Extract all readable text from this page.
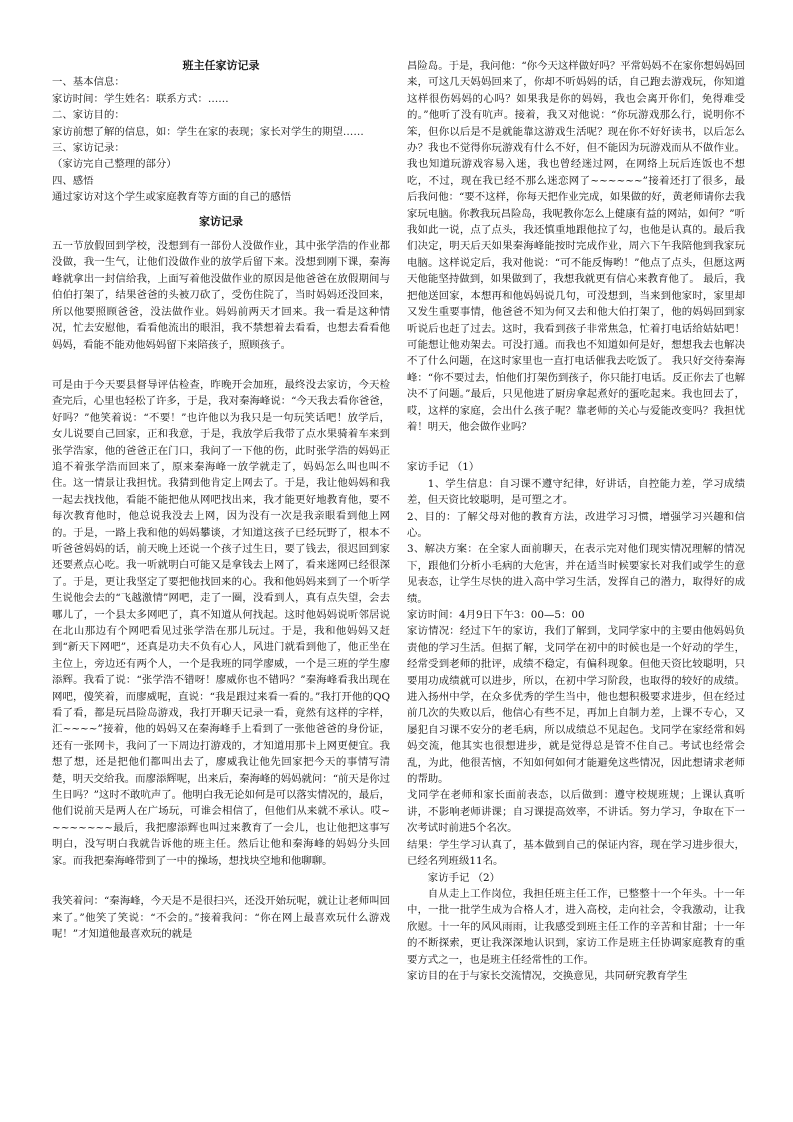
班主任家访记录

一、基本信息：

家访时间：学生姓名：联系方式：……

二、家访目的：

家访前想了解的信息，如：学生在家的表现；家长对学生的期望……

三、家访记录：

（家访完自己整理的部分）

四、感悟

通过家访对这个学生或家庭教育等方面的自己的感悟

家访记录

五一节放假回到学校，没想到有一部份人没做作业，其中张学浩的作业都没做，我一生气，让他们没做作业的放学后留下来。没想到刚下课，秦海峰就拿出一封信给我，上面写着他没做作业的原因是他爸爸在放假期间与伯伯打架了，结果爸爸的头被刀砍了，受伤住院了，当时妈妈还没回来，所以他要照顾爸爸，没法做作业。妈妈前两天才回来。我一看是这种情况，忙去安慰他，看看他流出的眼泪，我不禁想着去看看，也想去看看他妈妈，看能不能劝他妈妈留下来陪孩子，照顾孩子。

可是由于今天要县督导评估检查，昨晚开会加班，最终没去家访，今天检查完后，心里也轻松了许多，于是，我对秦海峰说：“今天我去看你爸爸，好吗？”他笑着说：“不要！”也许他以为我只是一句玩笑话吧！放学后，女儿说要自己回家，正和我意，于是，我放学后我带了点水果骑着车来到张学浩家，他的爸爸正在门口，我问了一下他的伤，此时张学浩的妈妈正追不着张学浩而回来了，原来秦海峰一放学就走了，妈妈怎么叫也叫不住。这一情景让我担忧。我猜到他肯定上网去了。于是，我让他妈妈和我一起去找找他，看能不能把他从网吧找出来，我才能更好地教育他，要不每次教育他时，他总说我没去上网，因为没有一次是我亲眼看到他上网的。于是，一路上我和他的妈妈攀谈，才知道这孩子已经玩野了，根本不听爸爸妈妈的话，前天晚上还说一个孩子过生日，要了钱去，很迟回到家还要煮点心吃。我一听就明白可能又是拿钱去上网了，看来迷网已经很深了。于是，更让我坚定了要把他找回来的心。我和他妈妈来到了一个听学生说他会去的“飞越激情”网吧，走了一圈，没看到人，真有点失望，会去哪儿了，一个县太多网吧了，真不知道从何找起。这时他妈妈说听邻居说在北山那边有个网吧看见过张学浩在那儿玩过。于是，我和他妈妈又赶到“新天下网吧”，还真是功夫不负有心人，风进门就看到他了，他正坐在主位上，旁边还有两个人，一个是我班的同学廖威，一个是三班的学生廖添辉。我看了说：“张学浩不错呀！廖威你也不错吗？”秦海峰看我出现在网吧，傻笑着，而廖威呢，直说：“我是跟过来看一看的。”我打开他的QQ看了看，都是玩昌险岛游戏，我打开聊天记录一看，竟然有这样的字样，汇~~~~”接着，他的妈妈又在秦海峰手上看到了一张他爸爸的身份证，还有一张网卡，我问了一下周边打游戏的，才知道用那卡上网更便宜。我想了想，还是把他们都叫出去了，廖威我让他先回家把今天的事情写清楚，明天交给我。而廖添辉呢，出来后，秦海峰的妈妈就问：“前天是你过生日吗？”这时不敢吭声了。他明白我无论如何是可以落实情况的，最后，他们说前天是两人在广场玩，可谁会相信了，但他们从来就不承认。哎~~~~~~~~最后，我把廖添辉也叫过来教育了一会儿，也让他把这事写明白，没写明白我就告诉他的班主任。然后让他和秦海峰的妈妈分头回家。而我把秦海峰带到了一中的操场，想找块空地和他聊聊。

我笑着问：“秦海峰，今天是不是很扫兴，还没开始玩呢，就让让老师叫回来了。”他笑了笑说：“不会的。”接着我问：“你在网上最喜欢玩什么游戏呢！”才知道他最喜欢玩的就是

昌险岛。于是，我问他：“你今天这样做好吗？平常妈妈不在家你想妈妈回来，可这几天妈妈回来了，你却不听妈妈的话，自己跑去游戏玩，你知道这样很伤妈妈的心吗？如果我是你的妈妈，我也会离开你们，免得难受的。”他听了没有吭声。接着，我又对他说：“你玩游戏那么行，说明你不笨，但你以后是不是就能靠这游戏生活呢？现在你不好好读书，以后怎么办？我也不觉得你玩游戏有什么不好，但不能因为玩游戏而从不做作业。我也知道玩游戏容易入迷，我也曾经迷过网，在网络上玩后连饭也不想吃，不过，现在我已经不那么迷恋网了~~~~~~”接着还打了很多，最后我问他：“要不这样，你每天把作业完成，如果做的好，黄老师请你去我家玩电脑。你教我玩昌险岛，我呢教你怎么上健康有益的网站，如何？”听我如此一说，点了点头，我还慎重地跟他拉了勾，也他是认真的。最后我们决定，明天后天如果秦海峰能按时完成作业，周六下午我陪他到我家玩电脑。这样说定后，我对他说：“可不能反悔哟！”他点了点头，但愿这两天他能坚持做到，如果做到了，我想我就更有信心来教育他了。 最后，我把他送回家，本想再和他妈妈说几句，可没想到，当来到他家时，家里却又发生重要事情，他爸爸不知为何又去和他大伯打架了，他的妈妈回到家听说后也赶了过去。这时，我看到孩子非常焦急，忙着打电话给姑姑吧！可能想让他劝架去。可没打通。而我也不知道如何是好，想想我去也解决不了什么问题，在这时家里也一直打电话催我去吃饭了。 我只好交待秦海峰：“你不要过去，怕他们打架伤到孩子，你只能打电话。反正你去了也解决不了问题。”最后，只见他进了厨房拿起煮好的蛋吃起来。我也回去了，哎，这样的家庭，会出什么孩子呢？靠老师的关心与爱能改变吗？我担忧着！明天，他会做作业吗？

家访手记 （1）

1、学生信息：自习课不遵守纪律，好讲话，自控能力差，学习成绩差，但天资比较聪明，是可塑之才。

2、目的：了解父母对他的教育方法，改进学习习惯，增强学习兴趣和信心。

3、解决方案：在全家人面前聊天，在表示完对他们现实情况理解的情况下，跟他们分析小毛病的大危害，并在适当时候要家长对我们或学生的意见表态，让学生尽快的进入高中学习生活，发挥自己的潜力，取得好的成绩。

家访时间：4月9日下午3：00—5：00

家访情况：经过下午的家访，我们了解到，戈同学家中的主要由他妈妈负责他的学习生活。但据了解，戈同学在初中的时候也是一个好动的学生，经常受到老师的批评，成绩不稳定，有偏科现象。但他天资比较聪明，只要用功成绩就可以进步，所以，在初中学习阶段，也取得的较好的成绩。进入扬州中学，在众多优秀的学生当中，他也想积极要求进步，但在经过前几次的失败以后，他信心有些不足，再加上自制力差，上课不专心，又屡犯自习课不安分的老毛病，所以成绩总不见起色。戈同学在家经常和妈妈交流，他其实也很想进步，就是觉得总是管不住自己。考试也经常会乱，为此，他很苦恼，不知如何如何才能避免这些情况，因此想请求老师的帮助。

戈同学在老师和家长面前表态，以后做到：遵守校规班规；上课认真听讲，不影响老师讲课；自习课提高效率，不讲话。努力学习，争取在下一次考试时前进5个名次。

结果：学生学习认真了，基本做到自己的保证内容，现在学习进步很大，已经名列班级11名。

家访手记 （2）

自从走上工作岗位，我担任班主任工作，已整整十一个年头。十一年中，一批一批学生成为合格人才，进入高校，走向社会，令我激动，让我欣慰。十一年的风风雨雨，让我感受到班主任工作的辛苦和甘甜；十一年的不断探索，更让我深深地认识到，家访工作是班主任协调家庭教育的重要方式之一，也是班主任经常性的工作。

家访目的在于与家长交流情况，交换意见，共同研究教育学生
